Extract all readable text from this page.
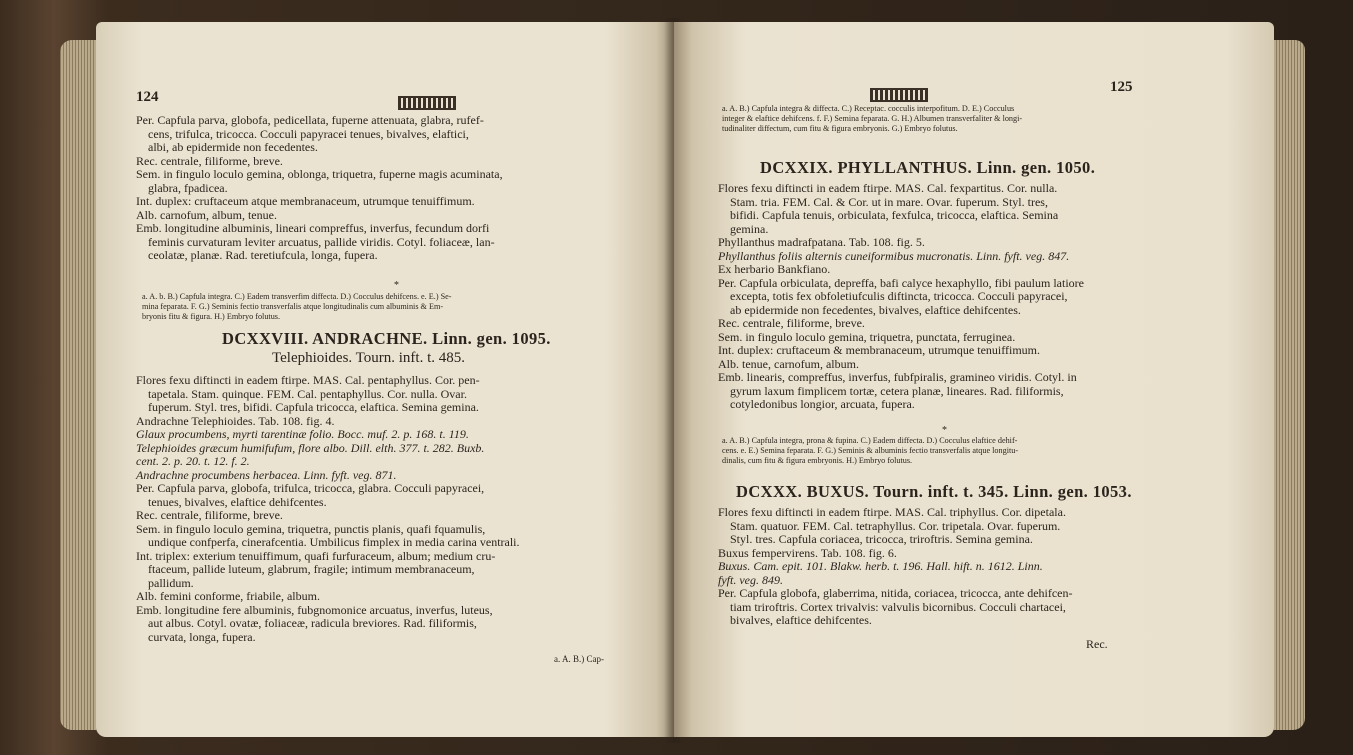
124

Per. Capfula parva, globofa, pedicellata, fuperne attenuata, glabra, rufef-

cens, trifulca, tricocca. Cocculi papyracei tenues, bivalves, elaftici,

albi, ab epidermide non fecedentes.

Rec. centrale, filiforme, breve.

Sem. in fingulo loculo gemina, oblonga, triquetra, fuperne magis acuminata,

glabra, fpadicea.

Int. duplex: cruftaceum atque membranaceum, utrumque tenuiffimum.

Alb. carnofum, album, tenue.

Emb. longitudine albuminis, lineari compreffus, inverfus, fecundum dorfi

feminis curvaturam leviter arcuatus, pallide viridis. Cotyl. foliaceæ, lan-

ceolatæ, planæ. Rad. teretiufcula, longa, fupera.

*

a. A. b. B.) Capfula integra. C.) Eadem transverfim diffecta. D.) Cocculus dehifcens. e. E.) Se-

mina feparata. F. G.) Seminis fectio transverfalis atque longitudinalis cum albuminis & Em-

bryonis fitu & figura. H.) Embryo folutus.

DCXXVIII. ANDRACHNE. Linn. gen. 1095.
Telephioides. Tourn. inft. t. 485.

Flores fexu diftincti in eadem ftirpe. MAS. Cal. pentaphyllus. Cor. pen-

tapetala. Stam. quinque. FEM. Cal. pentaphyllus. Cor. nulla. Ovar.

fuperum. Styl. tres, bifidi. Capfula tricocca, elaftica. Semina gemina.

Andrachne Telephioides. Tab. 108. fig. 4.

Glaux procumbens, myrti tarentinæ folio. Bocc. muf. 2. p. 168. t. 119.

Telephioides græcum humifufum, flore albo. Dill. elth. 377. t. 282. Buxb.

cent. 2. p. 20. t. 12. f. 2.

Andrachne procumbens herbacea. Linn. fyft. veg. 871.

Per. Capfula parva, globofa, trifulca, tricocca, glabra. Cocculi papyracei,

tenues, bivalves, elaftice dehifcentes.

Rec. centrale, filiforme, breve.

Sem. in fingulo loculo gemina, triquetra, punctis planis, quafi fquamulis,

undique confperfa, cinerafcentia. Umbilicus fimplex in media carina ventrali.

Int. triplex: exterium tenuiffimum, quafi furfuraceum, album; medium cru-

ftaceum, pallide luteum, glabrum, fragile; intimum membranaceum,

pallidum.

Alb. femini conforme, friabile, album.

Emb. longitudine fere albuminis, fubgnomonice arcuatus, inverfus, luteus,

aut albus. Cotyl. ovatæ, foliaceæ, radicula breviores. Rad. filiformis,

curvata, longa, fupera.

a. A. B.) Cap-
125

a. A. B.) Capfula integra & diffecta. C.) Receptac. cocculis interpofitum. D. E.) Cocculus

integer & elaftice dehifcens. f. F.) Semina feparata. G. H.) Albumen transverfaliter & longi-

tudinaliter diffectum, cum fitu & figura embryonis. G.) Embryo folutus.

DCXXIX. PHYLLANTHUS. Linn. gen. 1050.

Flores fexu diftincti in eadem ftirpe. MAS. Cal. fexpartitus. Cor. nulla.

Stam. tria. FEM. Cal. & Cor. ut in mare. Ovar. fuperum. Styl. tres,

bifidi. Capfula tenuis, orbiculata, fexfulca, tricocca, elaftica. Semina

gemina.

Phyllanthus madrafpatana. Tab. 108. fig. 5.

Phyllanthus foliis alternis cuneiformibus mucronatis. Linn. fyft. veg. 847.

Ex herbario Bankfiano.

Per. Capfula orbiculata, depreffa, bafi calyce hexaphyllo, fibi paulum latiore

excepta, totis fex obfoletiufculis diftincta, tricocca. Cocculi papyracei,

ab epidermide non fecedentes, bivalves, elaftice dehifcentes.

Rec. centrale, filiforme, breve.

Sem. in fingulo loculo gemina, triquetra, punctata, ferruginea.

Int. duplex: cruftaceum & membranaceum, utrumque tenuiffimum.

Alb. tenue, carnofum, album.

Emb. linearis, compreffus, inverfus, fubfpiralis, gramineo viridis. Cotyl. in

gyrum laxum fimplicem tortæ, cetera planæ, lineares. Rad. filiformis,

cotyledonibus longior, arcuata, fupera.

*

a. A. B.) Capfula integra, prona & fupina. C.) Eadem diffecta. D.) Cocculus elaftice dehif-

cens. e. E.) Semina feparata. F. G.) Seminis & albuminis fectio transverfalis atque longitu-

dinalis, cum fitu & figura embryonis. H.) Embryo folutus.

DCXXX. BUXUS. Tourn. inft. t. 345. Linn. gen. 1053.

Flores fexu diftincti in eadem ftirpe. MAS. Cal. triphyllus. Cor. dipetala.

Stam. quatuor. FEM. Cal. tetraphyllus. Cor. tripetala. Ovar. fuperum.

Styl. tres. Capfula coriacea, tricocca, triroftris. Semina gemina.

Buxus fempervirens. Tab. 108. fig. 6.

Buxus. Cam. epit. 101. Blakw. herb. t. 196. Hall. hift. n. 1612. Linn.

fyft. veg. 849.

Per. Capfula globofa, glaberrima, nitida, coriacea, tricocca, ante dehifcen-

tiam triroftris. Cortex trivalvis: valvulis bicornibus. Cocculi chartacei,

bivalves, elaftice dehifcentes.

Rec.
